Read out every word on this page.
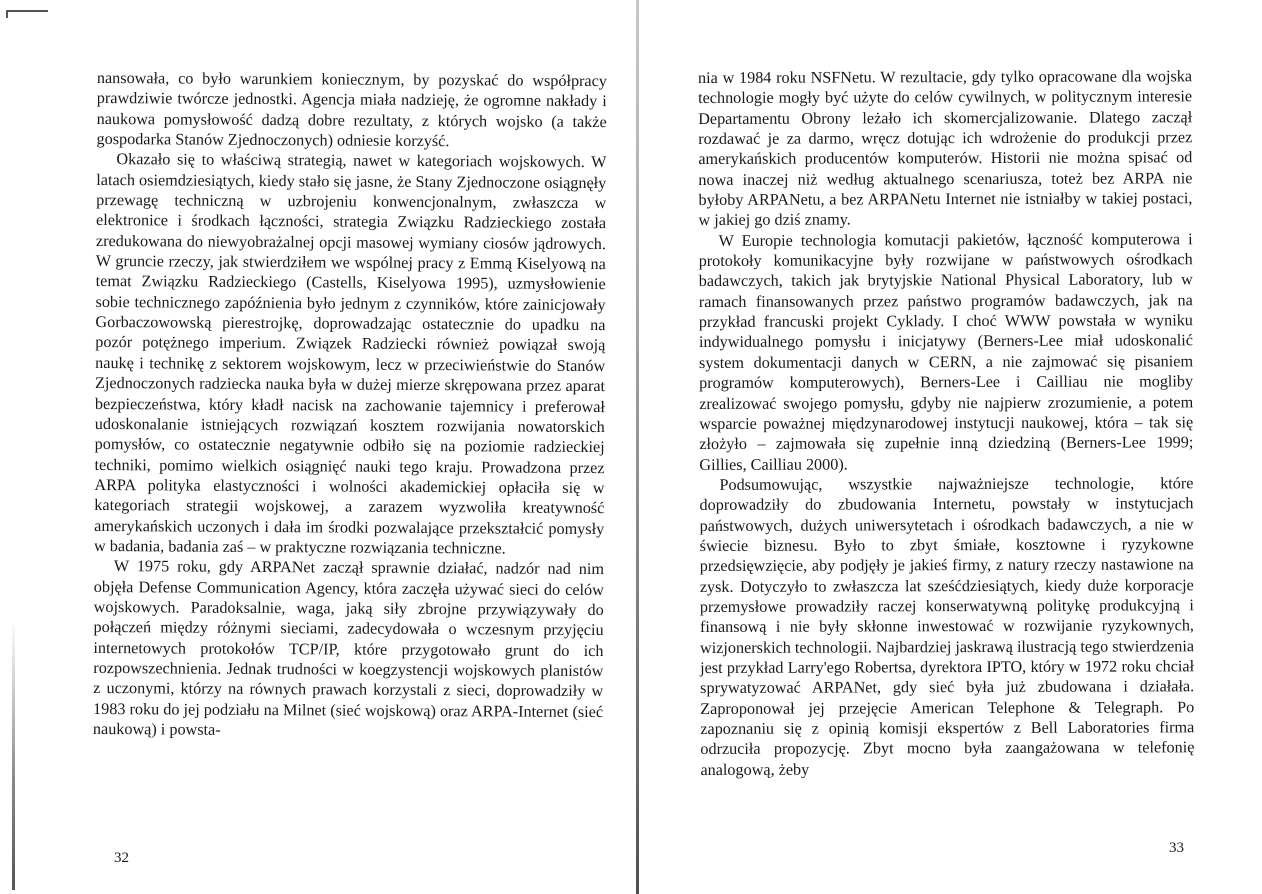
nansowała, co było warunkiem koniecznym, by pozyskać do współpracy prawdziwie twórcze jednostki. Agencja miała nadzieję, że ogromne nakłady i naukowa pomysłowość dadzą dobre rezultaty, z których wojsko (a także gospodarka Stanów Zjednoczonych) odniesie korzyść.

Okazało się to właściwą strategią, nawet w kategoriach wojskowych. W latach osiemdziesiątych, kiedy stało się jasne, że Stany Zjednoczone osiągnęły przewagę techniczną w uzbrojeniu konwencjonalnym, zwłaszcza w elektronice i środkach łączności, strategia Związku Radzieckiego została zredukowana do niewyobrażalnej opcji masowej wymiany ciosów jądrowych. W gruncie rzeczy, jak stwierdziłem we wspólnej pracy z Emmą Kiselyową na temat Związku Radzieckiego (Castells, Kiselyowa 1995), uzmysłowienie sobie technicznego zapóźnienia było jednym z czynników, które zainicjowały Gorbaczowowską pierestrojkę, doprowadzając ostatecznie do upadku na pozór potężnego imperium. Związek Radziecki również powiązał swoją naukę i technikę z sektorem wojskowym, lecz w przeciwieństwie do Stanów Zjednoczonych radziecka nauka była w dużej mierze skrępowana przez aparat bezpieczeństwa, który kładł nacisk na zachowanie tajemnicy i preferował udoskonalanie istniejących rozwiązań kosztem rozwijania nowatorskich pomysłów, co ostatecznie negatywnie odbiło się na poziomie radzieckiej techniki, pomimo wielkich osiągnięć nauki tego kraju. Prowadzona przez ARPA polityka elastyczności i wolności akademickiej opłaciła się w kategoriach strategii wojskowej, a zarazem wyzwoliła kreatywność amerykańskich uczonych i dała im środki pozwalające przekształcić pomysły w badania, badania zaś – w praktyczne rozwiązania techniczne.

W 1975 roku, gdy ARPANet zaczął sprawnie działać, nadzór nad nim objęła Defense Communication Agency, która zaczęła używać sieci do celów wojskowych. Paradoksalnie, waga, jaką siły zbrojne przywiązywały do połączeń między różnymi sieciami, zadecydowała o wczesnym przyjęciu internetowych protokołów TCP/IP, które przygotowało grunt do ich rozpowszechnienia. Jednak trudności w koegzystencji wojskowych planistów z uczonymi, którzy na równych prawach korzystali z sieci, doprowadziły w 1983 roku do jej podziału na Milnet (sieć wojskową) oraz ARPA-Internet (sieć naukową) i powsta-

nia w 1984 roku NSFNetu. W rezultacie, gdy tylko opracowane dla wojska technologie mogły być użyte do celów cywilnych, w politycznym interesie Departamentu Obrony leżało ich skomercjalizowanie. Dlatego zaczął rozdawać je za darmo, wręcz dotując ich wdrożenie do produkcji przez amerykańskich producentów komputerów. Historii nie można spisać od nowa inaczej niż według aktualnego scenariusza, toteż bez ARPA nie byłoby ARPANetu, a bez ARPANetu Internet nie istniałby w takiej postaci, w jakiej go dziś znamy.

W Europie technologia komutacji pakietów, łączność komputerowa i protokoły komunikacyjne były rozwijane w państwowych ośrodkach badawczych, takich jak brytyjskie National Physical Laboratory, lub w ramach finansowanych przez państwo programów badawczych, jak na przykład francuski projekt Cyklady. I choć WWW powstała w wyniku indywidualnego pomysłu i inicjatywy (Berners-Lee miał udoskonalić system dokumentacji danych w CERN, a nie zajmować się pisaniem programów komputerowych), Berners-Lee i Cailliau nie mogliby zrealizować swojego pomysłu, gdyby nie najpierw zrozumienie, a potem wsparcie poważnej międzynarodowej instytucji naukowej, która – tak się złożyło – zajmowała się zupełnie inną dziedziną (Berners-Lee 1999; Gillies, Cailliau 2000).

Podsumowując, wszystkie najważniejsze technologie, które doprowadziły do zbudowania Internetu, powstały w instytucjach państwowych, dużych uniwersytetach i ośrodkach badawczych, a nie w świecie biznesu. Było to zbyt śmiałe, kosztowne i ryzykowne przedsięwzięcie, aby podjęły je jakieś firmy, z natury rzeczy nastawione na zysk. Dotyczyło to zwłaszcza lat sześćdziesiątych, kiedy duże korporacje przemysłowe prowadziły raczej konserwatywną politykę produkcyjną i finansową i nie były skłonne inwestować w rozwijanie ryzykownych, wizjonerskich technologii. Najbardziej jaskrawą ilustracją tego stwierdzenia jest przykład Larry'ego Robertsa, dyrektora IPTO, który w 1972 roku chciał sprywatyzować ARPANet, gdy sieć była już zbudowana i działała. Zaproponował jej przejęcie American Telephone & Telegraph. Po zapoznaniu się z opinią komisji ekspertów z Bell Laboratories firma odrzuciła propozycję. Zbyt mocno była zaangażowana w telefonię analogową, żeby

32
33
